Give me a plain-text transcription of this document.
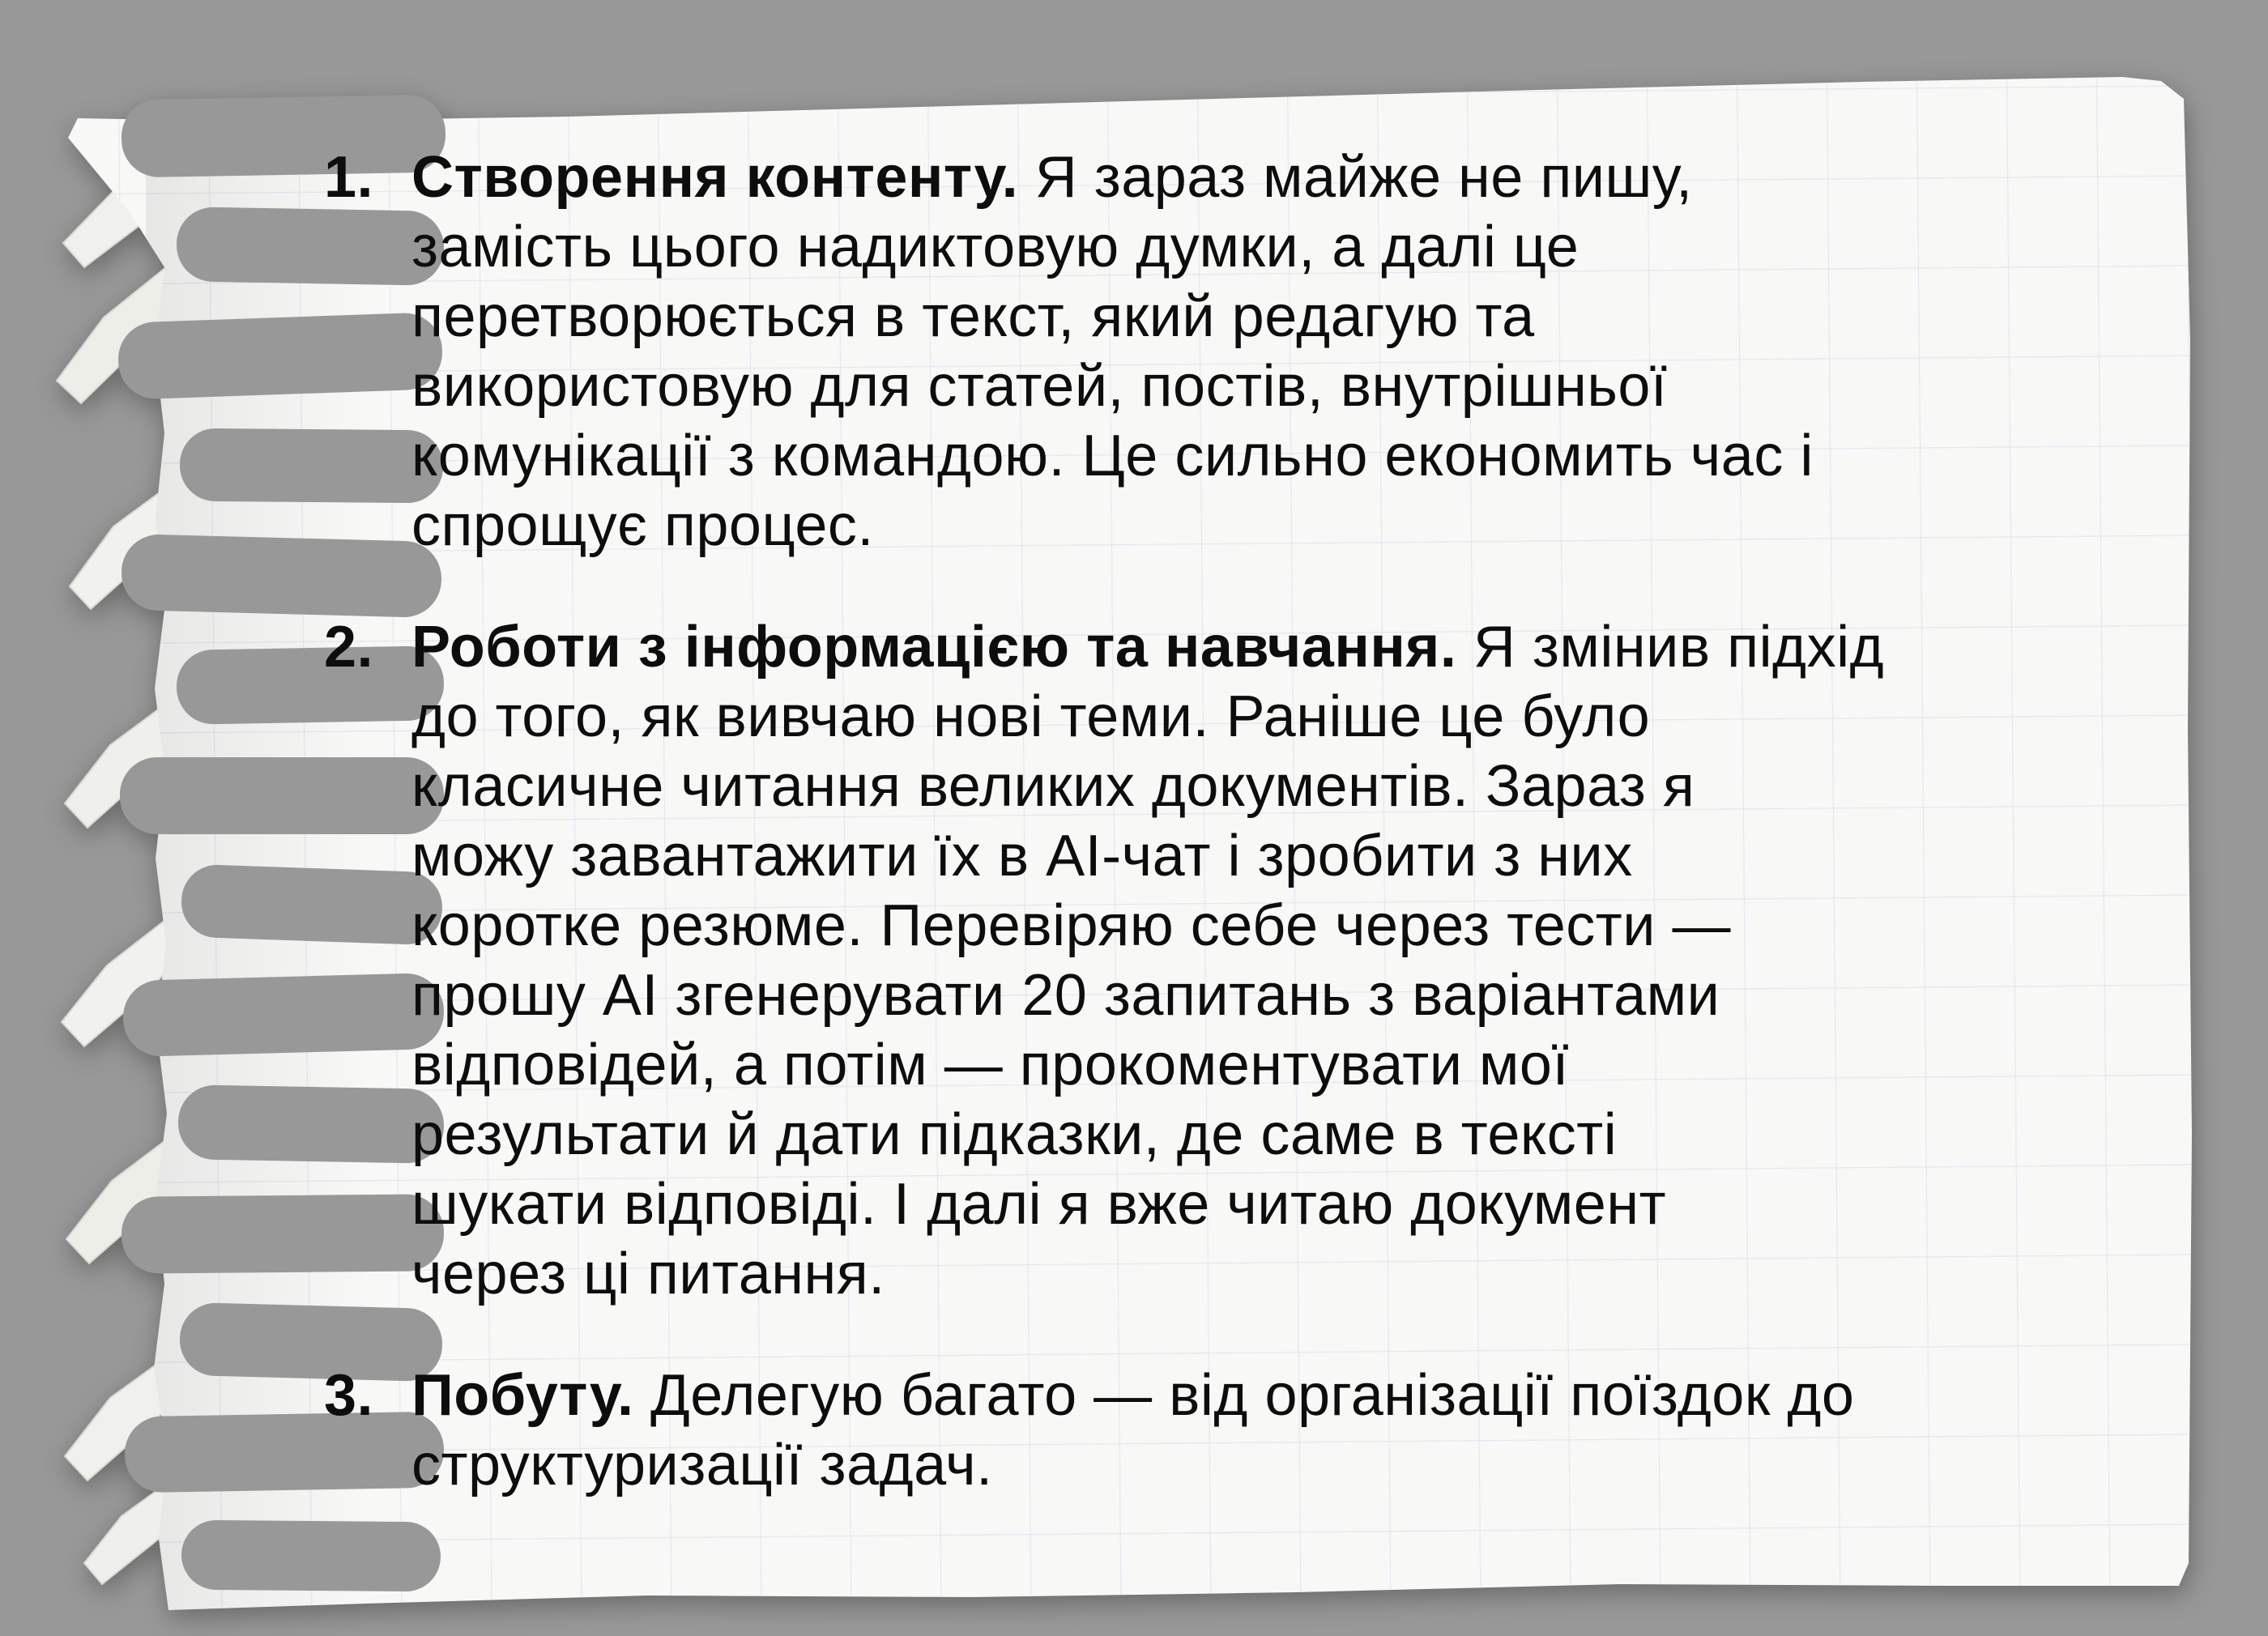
1. Створення контенту. Я зараз майже не пишу,
замість цього надиктовую думки, а далі це
перетворюється в текст, який редагую та
використовую для статей, постів, внутрішньої
комунікації з командою. Це сильно економить час і
спрощує процес.
2. Роботи з інформацією та навчання. Я змінив підхід
до того, як вивчаю нові теми. Раніше це було
класичне читання великих документів. Зараз я
можу завантажити їх в AI-чат і зробити з них
коротке резюме. Перевіряю себе через тести —
прошу AI згенерувати 20 запитань з варіантами
відповідей, а потім — прокоментувати мої
результати й дати підказки, де саме в тексті
шукати відповіді. І далі я вже читаю документ
через ці питання.
3. Побуту. Делегую багато — від організації поїздок до
структуризації задач.
